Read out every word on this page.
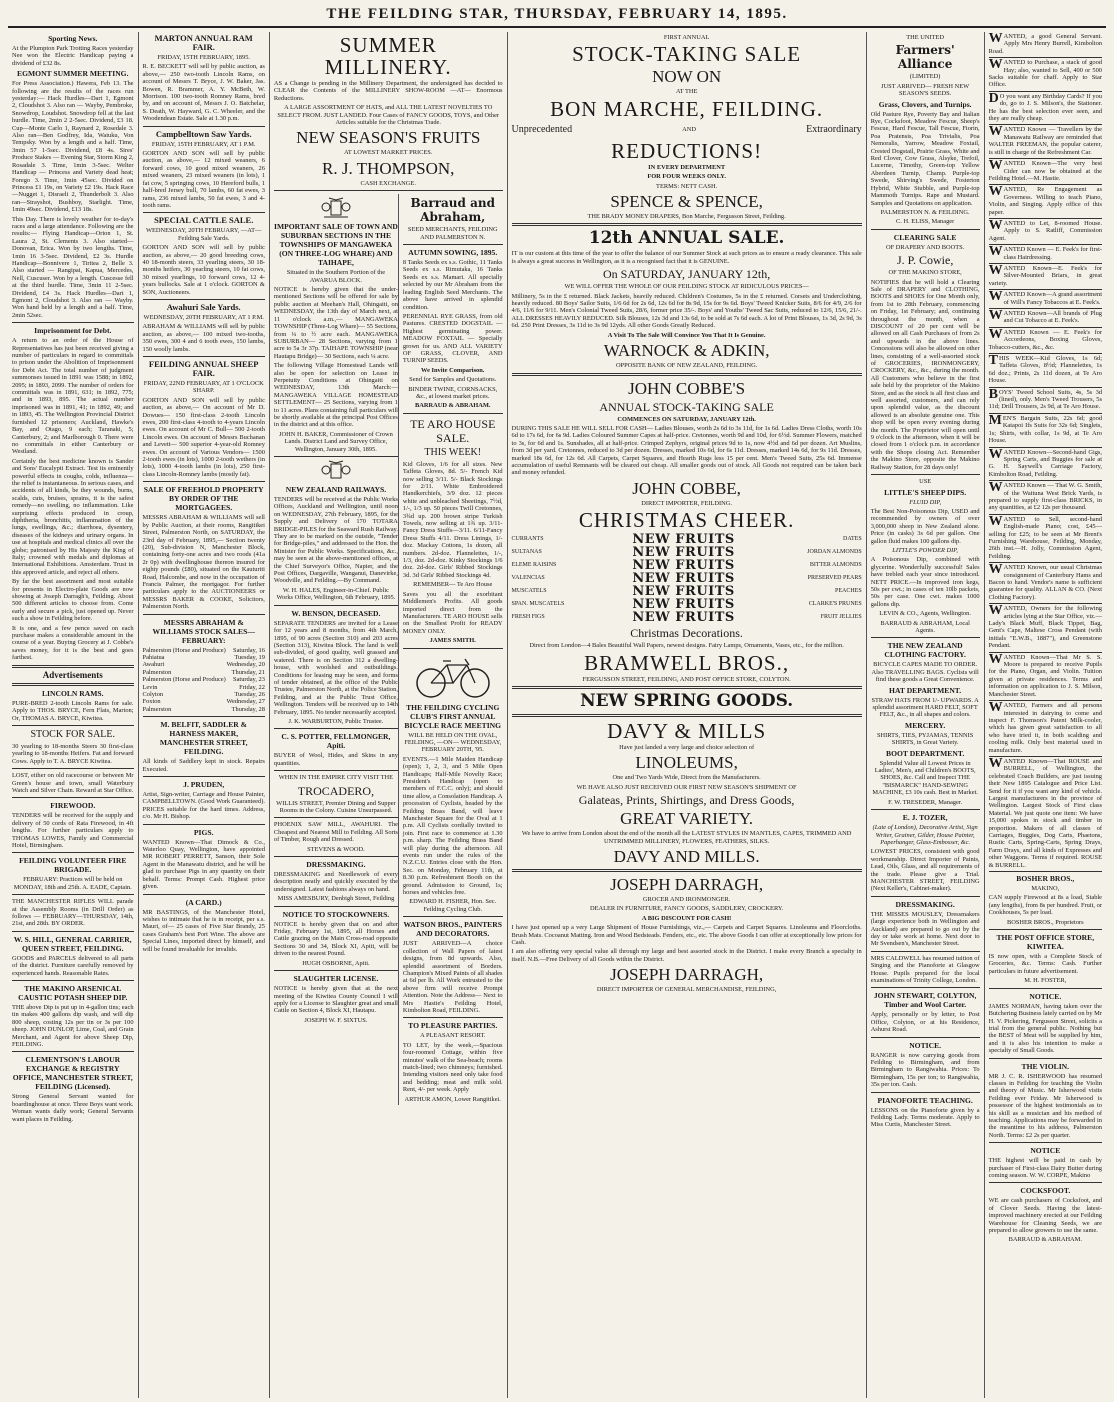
THE FEILDING STAR, THURSDAY, FEBRUARY 14, 1895.
Sporting News.

At the Plumpton Park Trotting Races yesterday Nee won the Electric Handicap paying a dividend of £32 8s.

EGMONT SUMMER MEETING.

For Press Association.) Hawera, Feb 13. The following are the results of the races run yesterday:— Hack Hurdles—Dart 1, Egmont 2, Cloudshot 3. Also ran — Wayby, Pembroke, Snowdrop, Loudshot. Snowdrop fell at the last hurdle. Time, 2min 2 2-5sec. Dividend, £3 18. Cup—Monte Carlo 1, Raynard 2, Rosedale 3. Also ran—Ben Godfrey, Ida, Waiuku, Von Tempsky. Won by a length and a half. Time, 3min 57 1-5sec. Dividend, £8 4s. Sires' Produce Stakes — Evening Star, Storm King 2, Rosadale 3. Time, 1min 3-5sec. Welter Handicap — Princess and Variety dead heat; Forego 3. Time, 1min 45sec. Divided on Princess £1 19s, on Variety £2 19s. Hack Race—Nugget 1, Disraeli 2, Thunderbolt 3. Also ran—Strayshot, Bushboy, Starlight. Time, 1min 49sec. Dividend, £13 18s.

This Day. There is lovely weather for to-day's races and a large attendance. Following are the results:— Flying Handicap—Orion 1, St. Laura 2, St. Clements 3. Also started—Donovan, Erica. Won by two lengths. Time, 1min 16 3-5sec. Dividend, £2 3s. Hurdle Handicap—Bonnivere 1, Tiritea 2, Belle 3. Also started — Rangipai, Kapua, Mercedes, Nell, Cuscuser. Won by a length. Cuscesse fell at the third hurdle. Time, 3min 11 2-5sec. Dividend, £4 3s. Hack Hurdles—Dart 1, Egmont 2, Cloudshot 3. Also ran — Wayby. Won hand held by a length and a half. Time, 2min 52sec.

Imprisonment for Debt.

A return to an order of the House of Representatives has just been received giving a number of particulars in regard to committals to prison under the Abolition of Imprisonment for Debt Act. The total number of judgment summonses issued in 1891 was 1588; in 1892, 2095; in 1893, 2099. The number of orders for committals was in 1891, 631; in 1892, 775; and in 1893, 895. The actual number imprisoned was in 1891, 41; in 1892, 49; and in 1893, 45. The Wellington Provincial District furnished 12 prisoners; Auckland, Hawke's Bay, and Otago, 9 each; Taranaki, 5; Canterbury, 2; and Marlborough 0. There were no committals in either Canterbury or Westland.

Certainly the best medicine known is Sander and Sons' Eucalypti Extract. Test its eminently powerful effects in coughs, colds, influenza—the relief is instantaneous. In serious cases, and accidents of all kinds, be they wounds, burns, scalds, cuts, bruises, sprains, it is the safest remedy—no swelling, no inflammation. Like surprising effects produced in croup, diphtheria, bronchitis, inflammation of the lungs, swellings, &c.; diarrhoea, dysentery, diseases of the kidneys and urinary organs. In use at hospitals and medical clinics all over the globe; patronised by His Majesty the King of Italy; crowned with medals and diplomas at International Exhibitions. Amsterdam. Trust in this approved article, and reject all others.

By far the best assortment and most suitable for presents in Electro-plate Goods are now showing at Joseph Darragh's, Feilding. About 500 different articles to choose from. Come early and secure a pick, just opened up. Never such a show in Feilding before.

It is one, and a few pence saved on each purchase makes a considerable amount in the course of a year. Buying Grocery at J. Cobbe's saves money, for it is the best and goes farthest.

Advertisements
LINCOLN RAMS.

PURE-BRED 2-tooth Lincoln Rams for sale. Apply to THOS. BRYCE, Fern Flats, Marton; Or, THOMAS A. BRYCE, Kiwitea.

STOCK FOR SALE.

30 yearling to 18-months Steers 30 first-class yearling to 18-months Heifers. Fat and forward Cows. Apply to T. A. BRYCE Kiwitea.

LOST, either on old racecourse or between Mr Green's house and town, small Waterbury Watch and Silver Chain. Reward at Star Office.

FIREWOOD.

TENDERS will be received for the supply and delivery of 50 cords of Rata Firewood, in 4ft lengths. For further particulars apply to THOMAS LOWES, Family and Commercial Hotel, Birmingham.

FEILDING VOLUNTEER FIRE BRIGADE.

FEBRUARY: Practices will be held on MONDAY, 18th and 25th. A. EADE, Captain.

THE MANCHESTER RIFLES WILL parade at the Assembly Rooms (in Drill Order) as follows — FEBRUARY—THURSDAY, 14th, 21st, and 28th. BY ORDER.

W. S. HILL, GENERAL CARRIER, QUEEN STREET, FEILDING.

GOODS and PARCELS delivered to all parts of the district. Furniture carefully removed by experienced hands. Reasonable Rates.

THE MAKINO ARSENICAL CAUSTIC POTASH SHEEP DIP.

THE above Dip is put up in 4-gallon tins; each tin makes 400 gallons dip wash, and will dip 800 sheep, costing 12s per tin or 3s per 100 sheep. JOHN DUNLOP, Lime, Coal, and Grain Merchant, and Agent for above Sheep Dip, FEILDING.

CLEMENTSON'S LABOUR EXCHANGE & REGISTRY OFFICE, MANCHESTER STREET, FEILDING (Licensed).

Strong General Servant wanted for boardinghouse at once. Three Boys want work. Woman wants daily work; General Servants want places in Feilding.

MARTON ANNUAL RAM FAIR.

FRIDAY, 15TH FEBRUARY, 1895.

R. E. BECKETT will sell by public auction, as above,— 250 two-tooth Lincoln Rams, on account of Messrs T. Bryce, J. W. Baker, Jas. Bowen, R. Brammer, A. Y. McBeth, W. Morrison. 100 two-tooth Romney Rams, bred by, and on account of, Messrs J. O. Batchelar, S. Death, W. Hayward, G. C. Wheeler, and the Woodendean Estate. Sale at 1.30 p.m.

Campbelltown Saw Yards.

FRIDAY, 15TH FEBRUARY, AT 1 P.M.

GORTON AND SON will sell by public auction, as above,— 12 mixed weaners, 6 forward cows, 10 good mixed weaners, 26 mixed weaners, 23 mixed weaners (in lots), 1 fat cow, 5 springing cows, 10 Hereford bulls, 1 half-bred Jersey bull, 70 lambs, 60 fat ewes, 3 rams, 236 mixed lambs, 50 fat ewes, 3 and 4-tooth rams.

SPECIAL CATTLE SALE.

WEDNESDAY, 20TH FEBRUARY, —AT— Feilding Sale Yards.

GORTON AND SON will sell by public auction, as above,— 20 good breeding cows, 40 18-month steers, 33 yearling steers, 30 18-months heifers, 30 yearling steers, 10 fat cows, 30 mixed yearlings, 10 forward cows, 12 4-years bullocks. Sale at 1 o'clock. GORTON & SON, Auctioneers.

Awahuri Sale Yards.

WEDNESDAY, 20TH FEBRUARY, AT 1 P.M.

ABRAHAM & WILLIAMS will sell by public auction, as above,— 100 mixed two-tooths, 350 ewes, 300 4 and 6 tooth ewes, 150 lambs, 150 woolly lambs.

FEILDING ANNUAL SHEEP FAIR.

FRIDAY, 22ND FEBRUARY, AT 1 O'CLOCK SHARP.

GORTON AND SON will sell by public auction, as above,— On account of Mr D. Dowues— 150 first-class 2-tooth Lincoln ewes, 200 first-class 4-tooth to 4-years Lincoln ewes. On account of Mr C. Bull— 500 2-tooth Lincoln ewes. On account of Messrs Buchanan and Levett— 500 superior 4-year-old Romney ewes. On account of Various Vendors— 1500 2-tooth ewes (in lots), 1000 2-tooth wethers (in lots), 1000 4-tooth lambs (in lots), 250 first-class Lincoln-Romney lambs (mostly fat).

SALE OF FREEHOLD PROPERTY BY ORDER OF THE MORTGAGEES.

MESSRS ABRAHAM & WILLIAMS will sell by Public Auction, at their rooms, Rangitikei Street, Palmerston North, on SATURDAY, the 23rd day of February, 1895,— Section twenty (20), Sub-division N, Manchester Block, containing forty-one acres and two roods (41a 2r 0p) with dwellinghouse thereon insured for eighty pounds (£80), situated on the Kauturiti Road, Halcombe, and now in the occupation of Francis Palmer, the mortgagor. For further particulars apply to the AUCTIONEERS or MESSRS BAKER & COOKE, Solicitors, Palmerston North.

MESSRS ABRAHAM & WILLIAMS STOCK SALES— FEBRUARY:
Palmerston (Horse and Produce) Saturday, 16
Pahiatua	Tuesday, 19
Awahuri	Wednesday, 20
Palmerston	Thursday, 21
Palmerston (Horse and Produce) Saturday, 23
Levin	Friday, 22
Colyton	Tuesday, 26
Foxton	Wednesday, 27
Palmerston	Thursday, 28
M. BELFIT, SADDLER & HARNESS MAKER, MANCHESTER STREET, FEILDING.

All kinds of Saddlery kept in stock. Repairs Executed.

J. PRUDEN,

Artist, Sign-writer, Carriage and House Painter, CAMPBELLTOWN. (Good Work Guaranteed). PRICES suitable for the hard times. Address, c/o. Mr H. Bishop.

PIGS.

WANTED Known—That Dimock & Co., Waterloo Quay, Wellington, have appointed MR ROBERT PERRETT, Sanson, their Sole Agent in the Manawatu district, and he will be glad to purchase Pigs in any quantity on their behalf. Terms: Prompt Cash. Highest price given.

(A CARD.)

MR BASTINGS, of the Manchester Hotel, wishes to intimate that he is in receipt, per s.s. Mauri, of— 25 cases of Five Star Brandy, 25 cases Graham's best Port Wine. The above are Special Lines, imported direct by himself, and will be found invaluable for invalids.

SUMMER MILLINERY.

AS a Change is pending in the Millinery Department, the undersigned has decided to CLEAR the Contents of the MILLINERY SHOW-ROOM —AT— Enormous Reductions.

A LARGE ASSORTMENT OF HATS, and ALL THE LATEST NOVELTIES TO SELECT FROM. JUST LANDED. Four Cases of FANCY GOODS, TOYS, and Other Articles suitable for the Christmas Trade.

NEW SEASON'S FRUITS

AT LOWEST MARKET PRICES.

R. J. THOMPSON,

CASH EXCHANGE.

IMPORTANT SALE OF TOWN AND SUBURBAN SECTIONS IN THE TOWNSHIPS OF MANGAWEKA (ON THREE-LOG WHARE) AND TAIHAPE,

Situated in the Southern Portion of the AWARUA BLOCK.

NOTICE is hereby given that the under-mentioned Sections will be offered for sale by public auction at Meehan's Hall, Ohingaiti, on WEDNESDAY, the 13th day of March next, at 11 o'clock a.m.,— MANGAWEKA TOWNSHIP (Three-Log Whare)— 55 Sections, from ¼ to ½ acre each. MANGAWEKA SUBURBAN— 28 Sections, varying from 1 acre to 5a 3r 37p. TAIHAPE TOWNSHIP (near Hautapu Bridge)— 30 Sections, each ¼ acre.

The following Village Homestead Lands will also be open for selection on Lease in Perpetuity Conditions at Ohingaiti on WEDNESDAY, 13th March:— MANGAWEKA VILLAGE HOMESTEAD SETTLEMENT— 25 Sections, varying from 1 to 11 acres. Plans containing full particulars will be shortly available at the principal Post Offices in the district and at this office.

JOHN H. BAKER, Commissioner of Crown Lands. District Land and Survey Office, Wellington, January 30th, 1895.

NEW ZEALAND RAILWAYS.

TENDERS will be received at the Public Works Offices, Auckland and Wellington, until noon on WEDNESDAY, 27th February, 1895, for the Supply and Delivery of 170 TOTARA BRIDGE-PILES for the Seaward Rush Railway. They are to be marked on the outside, "Tender for Bridge-piles," and addressed to the Hon. the Minister for Public Works. Specifications, &c., may be seen at the above-mentioned offices, at the Chief Surveyor's Office, Napier, and the Post Offices, Dargaville, Wanganui, Danevirke, Woodville, and Feilding.—By Command.

W. H. HALES, Engineer-in-Chief. Public Works Office, Wellington, 6th February, 1895.

W. BENSON, DECEASED.

SEPARATE TENDERS are invited for a Lease for 12 years and 8 months, from 4th March, 1895, of 90 acres (Section 310) and 203 acres (Section 313), Kiwitea Block. The land is well sub-divided, of good quality, well grassed and watered. There is on Section 312 a dwelling-house, with woolshed and outbuildings. Conditions for leasing may be seen, and forms of tender obtained, at the office of the Public Trustee, Palmerston North, at the Police Station, Feilding, and at the Public Trust Office, Wellington. Tenders will be received up to 14th February, 1895. No tender necessarily accepted.

J. K. WARBURTON, Public Trustee.

C. S. POTTER, FELLMONGER, Apiti.

BUYER of Wool, Hides, and Skins in any quantities.

WHEN IN THE EMPIRE CITY VISIT THE

TROCADERO,

WILLIS STREET, Premier Dining and Supper Rooms in the Colony. Cuisine Unsurpassed.

PHOENIX SAW MILL, AWAHURI. The Cheapest and Nearest Mill to Feilding. All Sorts of Timber, Rough and Dressed.

STEVENS & WOOD.

DRESSMAKING.

DRESSMAKING and Needlework of every description neatly and quickly executed by the undersigned. Latest fashions always on hand.

MISS AMESBURY, Denbigh Street, Feilding

NOTICE TO STOCKOWNERS.

NOTICE is hereby given that on and after Friday, February 1st, 1895, all Horses and Cattle grazing on the Main Cross-road opposite Sections 30 and 34, Block XI, Apiti, will be driven to the nearest Pound.

HUGH OSBORNE, Apiti.

SLAUGHTER LICENSE.

NOTICE is hereby given that at the next meeting of the Kiwitea County Council I will apply for a License to Slaughter great and small Cattle on Section 4, Block XI, Hautapu.

JOSEPH W. F. SIXTUS.

Barraud and Abraham,

SEED MERCHANTS, FEILDING AND PALMERSTON N.

AUTUMN SOWING, 1895.

8 Tanks Seeds ex s.s. Gothic, 11 Tanks Seeds ex s.s. Rimutaka, 16 Tanks Seeds ex s.s. Mamari. All specially selected by our Mr Abraham from the leading English Seed Merchants. The above have arrived in splendid condition.

PERENNIAL RYE GRASS, from old Pastures. CRESTED DOGSTAIL — Highest germinating power. MEADOW FOXTAIL — Specially grown for us. AND ALL VARIETY OF GRASS, CLOVER, AND TURNIP SEEDS.

We Invite Comparison.

Send for Samples and Quotations.

BINDER TWINE, CORNSACKS, &c., at lowest market prices.

BARRAUD & ABRAHAM.

TE ARO HOUSE SALE.
THIS WEEK!

Kid Gloves, 1/6 for all sizes. New Taffeta Gloves, 8d. 5/- French Kid now selling 3/11. 5/- Black Stockings for 2/11. White Embroidered Handkerchiefs, 3/9 doz. 12 pieces white and unbleached Sheetings, 7½d, 1/-, 1/3 up. 50 pieces Twill Cretonnes, 3¾d up. 200 brown stripe Turkish Towels, now selling at 1¾ up. 3/11-Fancy Dress Stuffs—3/11. 6/11-Fancy Dress Stuffs 4/11. Dress Linings, 1/- doz. Mackay Cottons, 1s dozen, all numbers. 2d-doz. Flannelettes, 1/-, 1/3, doz. 2d-doz. Kinky Stockings 1/6 doz. 2d-doz. Girls' Ribbed Stockings 3d. 3d Girls' Ribbed Stockings 4d.

REMEMBER— Te Aro House

Saves you all the exorbitant Middlemen's Profits. All goods imported direct from the Manufacturers. TE ARO HOUSE sells on the Smallest Profit for READY MONEY ONLY.

JAMES SMITH.

THE FEILDING CYCLING CLUB'S FIRST ANNUAL BICYCLE RACE MEETING

WILL BE HELD ON THE OVAL, FEILDING, —ON— WEDNESDAY, FEBRUARY 20TH, '95.

EVENTS.—1 Mile Maiden Handicap (open); 1, 2, 3, and 5 Mile Open Handicaps; Half-Mile Novelty Race; President's Handicap (open to members of F.C.C. only); and should time allow, a Consolation Handicap. A procession of Cyclists, headed by the Feilding Brass Band, will leave Manchester Square for the Oval at 1 p.m. All Cyclists cordially invited to join. First race to commence at 1.30 p.m. sharp. The Feilding Brass Band will play during the afternoon. All events run under the rules of the N.Z.C.U. Entries close with the Hon. Sec. on Monday, February 11th, at 8.30 p.m. Refreshment Booth on the ground. Admission to Ground, 1s; horses and vehicles free.

EDWARD H. FISHER, Hon. Sec. Feilding Cycling Club.

WATSON BROS., PAINTERS AND DECORATORS.

JUST ARRIVED—A choice collection of Wall Papers of latest designs, from 8d upwards. Also, splendid assortment of Borders. Champion's Mixed Paints of all shades at 6d per lb. All Work entrusted to the above firm will receive Prompt Attention. Note the Address— Next to Mrs Hastie's Feilding Hotel, Kimbolton Road, FEILDING.

TO PLEASURE PARTIES.

A PLEASANT RESORT.

TO LET, by the week,—Spacious four-roomed Cottage, within five minutes' walk of the Sea-beach; rooms match-lined; two chimneys; furnished. Intending visitors need only take food and bedding; meat and milk sold. Rent, 4/- per week. Apply

ARTHUR AMON, Lower Rangitikei.

FIRST ANNUAL

STOCK-TAKING SALE
NOW ON

AT THE

BON MARCHE, FEILDING.
Unprecedented	AND	Extraordinary
REDUCTIONS!

IN EVERY DEPARTMENT

FOR FOUR WEEKS ONLY.

TERMS: NETT CASH.

SPENCE & SPENCE,

THE BRADY MONEY DRAPERS, Bon Marche, Fergusson Street, Feilding.

12th ANNUAL SALE.

IT is our custom at this time of the year to offer the balance of our Summer Stock at such prices as to ensure a ready clearance. This sale is always a great success in Wellington, as it is a recognised fact that it is GENUINE.

On SATURDAY, JANUARY 12th,

WE WILL OFFER THE WHOLE OF OUR FEILDING STOCK AT RIDICULOUS PRICES—

Millinery, 5s in the £ returned. Black Jackets, heavily reduced. Children's Costumes, 5s in the £ returned. Corsets and Underclothing, heavily reduced. 80 Boys' Sailor Suits, 1/6 6d for 2s 6d, 12s 6d for 8s 9d, 15s for 9s 6d. Boys' Tweed Knicker Suits, 8/6 for 4/9, 2/6 for 4/6, 11/6 for 9/11. Men's Colonial Tweed Suits, 28/6, former price 35/-. Boys' and Youths' Tweed Sac Suits, reduced to 12/6, 15/6, 21/-. ALL DRESSES HEAVILY REDUCED. Silk Blouses, 12s 3d and 13s 6d, to be sold at 7s 6d each. A lot of Print Blouses, 1s 3d, 2s 9d, 3s 6d. 250 Print Dresses, 3s 11d to 3s 9d 12yds. All other Goods Greatly Reduced.

A Visit To The Sale Will Convince You That It Is Genuine.

WARNOCK & ADKIN,

OPPOSITE BANK OF NEW ZEALAND, FEILDING.

JOHN COBBE'S
ANNUAL STOCK-TAKING SALE

COMMENCES ON SATURDAY, JANUARY 12th.

DURING THIS SALE HE WILL SELL FOR CASH— Ladies Blouses, worth 2s 6d to 3s 11d, for 1s 6d. Ladies Dress Cloths, worth 10s 6d to 17s 6d, for 6s 9d. Ladies Coloured Summer Capes at half-price. Cretonnes, worth 9d and 10d, for 6½d. Summer Flowers, matched to 3s, for 6d and 1s. Sunshades, all at half-price. Crimped Zephyrs, original prices 9d to 1s, now 4½d and 6d per dozen. Art Muslins, from 3d per yard. Cretonnes, reduced to 3d per dozen. Dresses, marked 10s 6d, for 6s 11d. Dresses, marked 14s 6d, for 9s 11d. Dresses, marked 18s 6d, for 12s 6d. All Carpets, Carpet Squares, and Hearth Rugs less 15 per cent. Men's Tweed Suits, 25s 6d. Immense accumulation of useful Remnants will be cleared out cheap. All smaller goods out of stock. All Goods not required can be taken back and money refunded.

JOHN COBBE,

DIRECT IMPORTER, FEILDING.

CHRISTMAS CHEER.
CURRANTS	NEW FRUITS	DATES
SULTANAS	NEW FRUITS	JORDAN ALMONDS
ELEME RAISINS	NEW FRUITS	BITTER ALMONDS
VALENCIAS	NEW FRUITS	PRESERVED PEARS
MUSCATELS	NEW FRUITS	PEACHES
SPAN. MUSCATELS	NEW FRUITS	CLARKE'S PRUNES
FRESH FIGS	NEW FRUITS	FRUIT JELLIES
Christmas Decorations.

Direct from London—4 Bales Beautiful Wall Papers, newest designs. Fairy Lamps, Ornaments, Vases, etc., for the million.

BRAMWELL BROS.,

FERGUSSON STREET, FEILDING, AND POST OFFICE STORE, COLYTON.

NEW SPRING GOODS.
DAVY & MILLS

Have just landed a very large and choice selection of

LINOLEUMS,

One and Two Yards Wide, Direct from the Manufacturers.

WE HAVE ALSO JUST RECEIVED OUR FIRST NEW SEASON'S SHIPMENT OF

Galateas, Prints, Shirtings, and Dress Goods,
GREAT VARIETY.

We have to arrive from London about the end of the month all the LATEST STYLES IN MANTLES, CAPES, TRIMMED AND UNTRIMMED MILLINERY, FLOWERS, FEATHERS, SILKS.

DAVY AND MILLS.
JOSEPH DARRAGH,

GROCER AND IRONMONGER.

DEALER IN FURNITURE, FANCY GOODS, SADDLERY, CROCKERY.

A BIG DISCOUNT FOR CASH!

I have just opened up a very Large Shipment of House Furnishings, viz.,— Carpets and Carpet Squares. Linoleums and Floorcloths. Brush Mats. Cocoanut Matting. Iron and Wood Bedsteads. Fenders, etc., etc. The above Goods I can offer at exceptionally low prices for Cash.

I am also offering very special value all through my large and best assorted stock in the District. I make every Branch a specialty in itself. N.B.—Free Delivery of all Goods within the District.

JOSEPH DARRAGH,

DIRECT IMPORTER OF GENERAL MERCHANDISE, FEILDING,

THE UNITED

Farmers' Alliance

(LIMITED)

JUST ARRIVED— FRESH NEW SEASON'S SEEDS.

Grass, Clovers, and Turnips.

Old Pasture Rye, Poverty Bay and Italian Rye, Cocksfoot, Meadow Fescue, Sheep's Fescue, Hard Fescue, Tall Fescue, Fiorin, Poa Pratensis, Poa Trivialis, Poa Nemoralis, Yarrow, Meadow Foxtail, Crested Dogstail, Prairie Grass, White and Red Clover, Cow Grass, Alsyke, Trefoil, Lucerne, Timothy, Green-top Yellow Aberdeen Turnip, Champ. Purple-top Swede, Shirving's Swede, Fosterton Hybrid, White Stubble, and Purple-top Mammoth Turnips. Rape and Mustard. Samples and Quotations on application.

PALMERSTON N. & FEILDING.

C. H. ELISS, Manager

CLEARING SALE

OF DRAPERY AND BOOTS.

J. P. Cowie,

OF THE MAKINO STORE,

NOTIFIES that he will hold a Clearing Sale of DRAPERY and CLOTHING, BOOTS and SHOES for One Month only, from 1st to 28th February, commencing on Friday, 1st February; and, continuing throughout the month, when a DISCOUNT of 20 per cent will be allowed on all Cash Purchases of from 2s and upwards in the above lines. Concessions will also be allowed on other lines, consisting of a well-assorted stock of GROCERIES, IRONMONGERY, CROCKERY, &c., &c., during the month. All Customers who believe in the first sale held by the proprietor of the Makino Store, and as the stock is all first class and well assorted, customers, and can rely upon splendid value, as the discount allowed is an absolute genuine one. This shop will be open every evening during the month. The Proprietor will open until 9 o'clock in the afternoon, when it will be closed from 1 o'clock p.m. in accordance with the Shops closing Act. Remember the Makino Store, opposite the Makino Railway Station, for 28 days only!

USE

LITTLE'S SHEEP DIPS.

FLUID DIP,

The Best Non-Poisonous Dip, USED and recommended by owners of over 3,000,000 sheep in New Zealand alone. Price (in casks) 3s 6d per gallon. One gallon fluid makes 100 gallons dip.

LITTLE'S POWDER DIP,

A Poisonous Dip, combined with glycerine. Wonderfully successful! Sales have trebled each year since introduced. NETT PRICE.—In improved iron kegs, 50s per cwt.; in cases of ten 10lb packets, 50s per case. One cwt. makes 1000 gallons dip.

LEVIN & CO., Agents, Wellington.

BARRAUD & ABRAHAM, Local Agents.

THE NEW ZEALAND CLOTHING FACTORY.

BICYCLE CAPES MADE TO ORDER. Also TRAVELLING BAGS. Cyclists will find these goods a Great Convenience.

HAT DEPARTMENT.

STRAW HATS FROM 1/- UPWARDS. A splendid assortment HARD FELT, SOFT FELT, &c., in all shapes and colors.

MERCERY.

SHIRTS, TIES, PYJAMAS, TENNIS SHIRTS, in Great Variety.

BOOT DEPARTMENT.

Splendid Value all Lowest Prices in Ladies', Men's, and Children's BOOTS, SHOES, &c. Call and Inspect THE "BISMARCK" HAND-SEWING MACHINE, £3 10s cash. Best in Market.

F. W. TRESEDER, Manager.

E. J. TOZER,

(Late of London), Decorative Artist, Sign Writer, Grainer, Gilder, House Painter, Paperhanger, Glass-Embosser, &c.

LOWEST PRICES, consistent with good workmanship. Direct Importer of Paints, Lead, Oils, Glass, and all requirements of the trade. Please give a Trial. MANCHESTER STREET, FEILDING (Next Keller's, Cabinet-maker).

DRESSMAKING.

THE MISSES MOUSLEY, Dressmakers (large experience both in Wellington and Auckland) are prepared to go out by the day or take work at home. Next door to Mr Svendsen's, Manchester Street.

MRS CALDWELL has resumed tuition of Singing and the Pianoforte at Glasgow House. Pupils prepared for the local examinations of Trinity College, London.

JOHN STEWART, COLYTON, Timber and Wool Carter.

Apply, personally or by letter, to Post Office, Colyton, or at his Residence, Ashurst Road.

NOTICE.

RANGER is now carrying goods from Feilding to Birmingham, and from Birmingham to Rangiwahia. Prices: To Birmingham, 15s per ton; to Rangiwahia, 35s per ton. Cash.

PIANOFORTE TEACHING.

LESSONS on the Pianoforte given by a Feilding Lady. Terms moderate. Apply to Miss Curtis, Manchester Street.

WANTED, a good General Servant. Apply Mrs Henry Burrell, Kimbolton Road.
WANTED to Purchase, a stack of good Hay; also, wanted to Sell, 400 or 500 Sacks suitable for chaff. Apply to Star Office.
DO you want any Birthday Cards? If you do, go to J. S. Milson's, the Stationer. He has the best selection ever seen, and they are really cheap.
WANTED Known — Travellers by the Manawatu Railway are reminded that WALTER FREEMAN, the popular caterer, is still in charge of the Refreshment Car.
WANTED Known—The very best Cider can now be obtained at the Feilding Hotel.—M. Hastie.
WANTED, Re Engagement as Governess. Willing to teach Piano, Violin, and Singing. Apply office of this paper.
WANTED to Let, 8-roomed House. Apply to S. Ratliff, Commission Agent.
WANTED Known — E. Feek's for first-class Hairdressing.
WANTED Known—E. Feek's for Silver-Mounted Briars, in great variety.
WANTED Known—A grand assortment of Will's Fancy Tobaccos at E. Feek's.
WANTED Known—All brands of Plug and Cut Tobacco at E. Feek's.
WANTED Known — E. Feek's for Accordeons, Boxing Gloves, Tobacco-cutters, &c., &c.
THIS WEEK—Kid Gloves, 1s 6d; Taffeta Gloves, 8½d; Flannelettes, 1s 6d doz.; Prints, 2s 11d dozen, at Te Aro House.
BOYS' Tweed School Suits, 4s, 5s 3d (lined), only. Men's Tweed Trousers, 5s 11d; Drill Trousers, 2s 9d, at Te Aro House.
MEN'S Bargain Suits, 22s 6d; good Katapoi Ifs Suits for 32s 6d; Singlets, 1s; Shirts, with collar, 1s 9d, at Te Aro House.
WANTED Known—Second-hand Gigs, Spring Carts, and Buggies for sale at G. H. Saywell's Carriage Factory, Kimbolton Road, Feilding.
WANTED Known — That W. G. Smith, of the Waituna West Brick Yards, is prepared to supply first-class BRICKS, in any quantities, at £2 12s per thousand.
WANTED to Sell, second-hand English-made Piano; cost, £45—selling for £25; to be seen at Mr Brent's Furnishing Warehouse, Feilding, Monday, 26th inst.—H. Jolly, Commission Agent, Feilding.
WANTED Known, our usual Christmas consignment of Canterbury Hams and Bacon to hand. Vendor's name is sufficient guarantee for quality. ALLAN & CO. (Next Clothing Factory).
WANTED, Owners for the following articles lying at the Star Office, viz.—Lady's Black Muff, Black Tippet, Bag, Gent's Cape, Maltese Cross Pendant (with initials "E.W.B., 1887"), and Greenstone Pendant.
WANTED Known—That Mr S. S. Moore is prepared to receive Pupils for the Piano, Organ, and Violin. Tuition given at private residences. Terms and information on application to J. S. Milson, Manchester Street.
WANTED, Farmers and all persons interested in dairying to come and inspect F. Thomson's Patent Milk-cooler, which has given great satisfaction to all who have tried it, in both scalding and cooling milk. Only best material used in manufacture.
WANTED Known—That ROUSE and BURRELL, of Wellington, the celebrated Coach Builders, are just issuing their New 1895 Catalogue and Price List. Send for it if you want any kind of vehicle. Largest manufacturers in the province of Wellington. Largest Stock of First class Material. We just quote one item: We have 15,000 spokes in stock and timber in proportion. Makers of all classes of Carriages, Buggies, Dog Carts, Phaetons, Rustic Carts, Spring-Carts, Spring Drays, Farm Drays, and all kinds of Expresses and other Waggons. Terms if required. ROUSE & BURRELL.
BOSHER BROS.,

MAKINO,

CAN supply Firewood at 8s a load, Stable (any lengths), from 8s per hundred. Fruit, or Cookhouses, 5s per load.

BOSHER BROS., Proprietors

THE POST OFFICE STORE, KIWITEA.

IS now open, with a Complete Stock of Groceries, &c. Terms: Cash. Further particulars in future advertisement.

M. H. FOSTER,

NOTICE.

JAMES NORMAN, having taken over the Butchering Business lately carried on by Mr H. V. Pickering, Fergusson Street, solicits a trial from the general public. Nothing but the BEST of Meat will be supplied by him, and it is also his intention to make a specialty of Small Goods.

THE VIOLIN.

MR J. C. R. ISHERWOOD has resumed classes in Feilding for teaching the Violin and theory of Music. Mr Isherwood visits Feilding ever Friday. Mr Isherwood is possessor of the highest testimonials as to his skill as a musician and his method of teaching. Applications may be forwarded in the meantime to his address, Palmerston North. Terms: £2 2s per quarter.

NOTICE

THE highest will be paid in cash by purchaser of First-class Dairy Butter during coming season. W. W. CORPE, Makino

COCKSFOOT.

WE are cash purchasers of Cocksfoot, and of Clover Seeds. Having the latest-improved machinery erected at our Feilding Warehouse for Cleaning Seeds, we are prepared to allow growers to use the same.

BARRAUD & ABRAHAM.
